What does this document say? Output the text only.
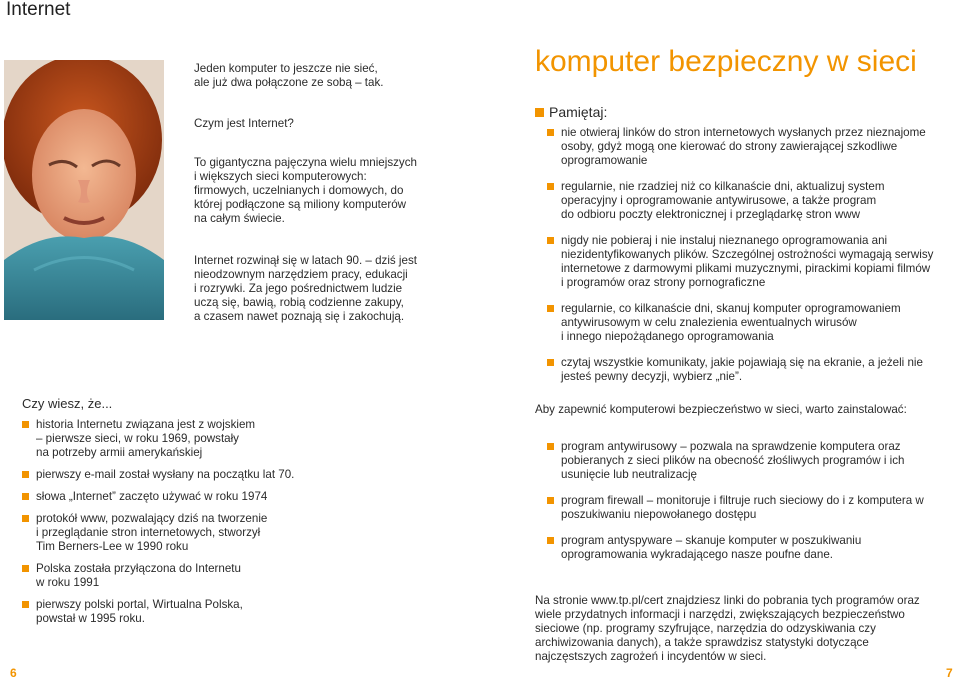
Internet
Jeden komputer to jeszcze nie sieć,
ale już dwa połączone ze sobą – tak.
Czym jest Internet?
To gigantyczna pajęczyna wielu mniejszych
i większych sieci komputerowych:
firmowych, uczelnianych i domowych, do
której podłączone są miliony komputerów
na całym świecie.
Internet rozwinął się w latach 90. – dziś jest
nieodzownym narzędziem pracy, edukacji
i rozrywki. Za jego pośrednictwem ludzie
uczą się, bawią, robią codzienne zakupy,
a czasem nawet poznają się i zakochują.
Czy wiesz, że...
historia Internetu związana jest z wojskiem
– pierwsze sieci, w roku 1969, powstały
na potrzeby armii amerykańskiej
pierwszy e-mail został wysłany na początku lat 70.
słowa „Internet” zaczęto używać w roku 1974
protokół www, pozwalający dziś na tworzenie
i przeglądanie stron internetowych, stworzył
Tim Berners-Lee w 1990 roku
Polska została przyłączona do Internetu
w roku 1991
pierwszy polski portal, Wirtualna Polska,
powstał w 1995 roku.
6
komputer bezpieczny w sieci
Pamiętaj:
nie otwieraj linków do stron internetowych wysłanych przez nieznajome
osoby, gdyż mogą one kierować do strony zawierającej szkodliwe
oprogramowanie
regularnie, nie rzadziej niż co kilkanaście dni, aktualizuj system
operacyjny i oprogramowanie antywirusowe, a także program
do odbioru poczty elektronicznej i przeglądarkę stron www
nigdy nie pobieraj i nie instaluj nieznanego oprogramowania ani
niezidentyfikowanych plików. Szczególnej ostrożności wymagają serwisy
internetowe z darmowymi plikami muzycznymi, pirackimi kopiami filmów
i programów oraz strony pornograficzne
regularnie, co kilkanaście dni, skanuj komputer oprogramowaniem
antywirusowym w celu znalezienia ewentualnych wirusów
i innego niepożądanego oprogramowania
czytaj wszystkie komunikaty, jakie pojawiają się na ekranie, a jeżeli nie
jesteś pewny decyzji, wybierz „nie”.
Aby zapewnić komputerowi bezpieczeństwo w sieci, warto zainstalować:
program antywirusowy – pozwala na sprawdzenie komputera oraz
pobieranych z sieci plików na obecność złośliwych programów i ich
usunięcie lub neutralizację
program firewall – monitoruje i filtruje ruch sieciowy do i z komputera w
poszukiwaniu niepowołanego dostępu
program antyspyware – skanuje komputer w poszukiwaniu
oprogramowania wykradającego nasze poufne dane.
Na stronie www.tp.pl/cert znajdziesz linki do pobrania tych programów oraz
wiele przydatnych informacji i narzędzi, zwiększających bezpieczeństwo
sieciowe (np. programy szyfrujące, narzędzia do odzyskiwania czy
archiwizowania danych), a także sprawdzisz statystyki dotyczące
najczęstszych zagrożeń i incydentów w sieci.
7
